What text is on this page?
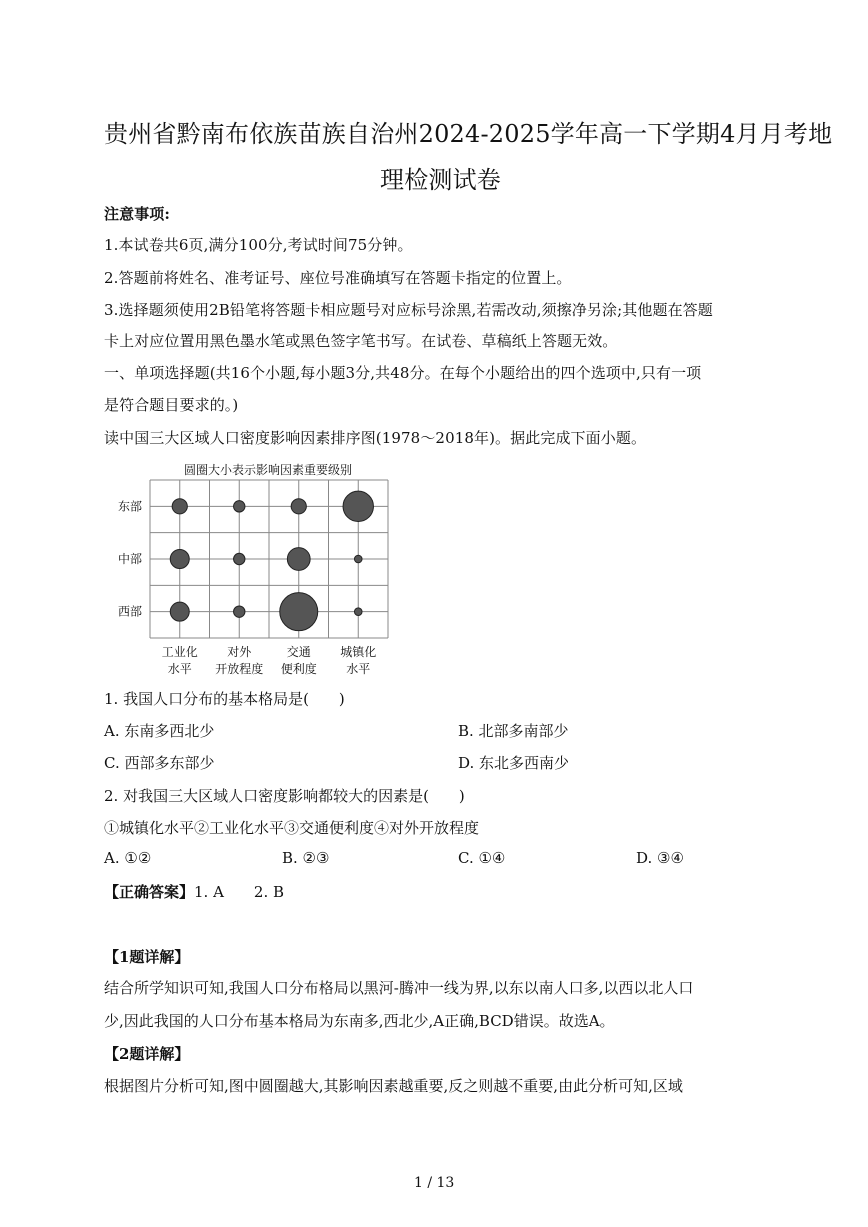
贵州省黔南布依族苗族自治州2024-2025学年高一下学期4月月考地
理检测试卷
注意事项:
1.本试卷共6页,满分100分,考试时间75分钟。
2.答题前将姓名、准考证号、座位号准确填写在答题卡指定的位置上。
3.选择题须使用2B铅笔将答题卡相应题号对应标号涂黑,若需改动,须擦净另涂;其他题在答题
卡上对应位置用黑色墨水笔或黑色签字笔书写。在试卷、草稿纸上答题无效。
一、单项选择题(共16个小题,每小题3分,共48分。在每个小题给出的四个选项中,只有一项
是符合题目要求的。)
读中国三大区域人口密度影响因素排序图(1978～2018年)。据此完成下面小题。
圆圈大小表示影响因素重要级别
东部
中部
西部
工业化
水平
对外
开放程度
交通
便利度
城镇化
水平
1. 我国人口分布的基本格局是(　　)
A. 东南多西北少	B. 北部多南部少
C. 西部多东部少	D. 东北多西南少
2. 对我国三大区域人口密度影响都较大的因素是(　　)
①城镇化水平②工业化水平③交通便利度④对外开放程度
A. ①②	B. ②③	C. ①④	D. ③④
【正确答案】1. A　　2. B
【1题详解】
结合所学知识可知,我国人口分布格局以黑河-腾冲一线为界,以东以南人口多,以西以北人口
少,因此我国的人口分布基本格局为东南多,西北少,A正确,BCD错误。故选A。
【2题详解】
根据图片分析可知,图中圆圈越大,其影响因素越重要,反之则越不重要,由此分析可知,区域
1 / 13
